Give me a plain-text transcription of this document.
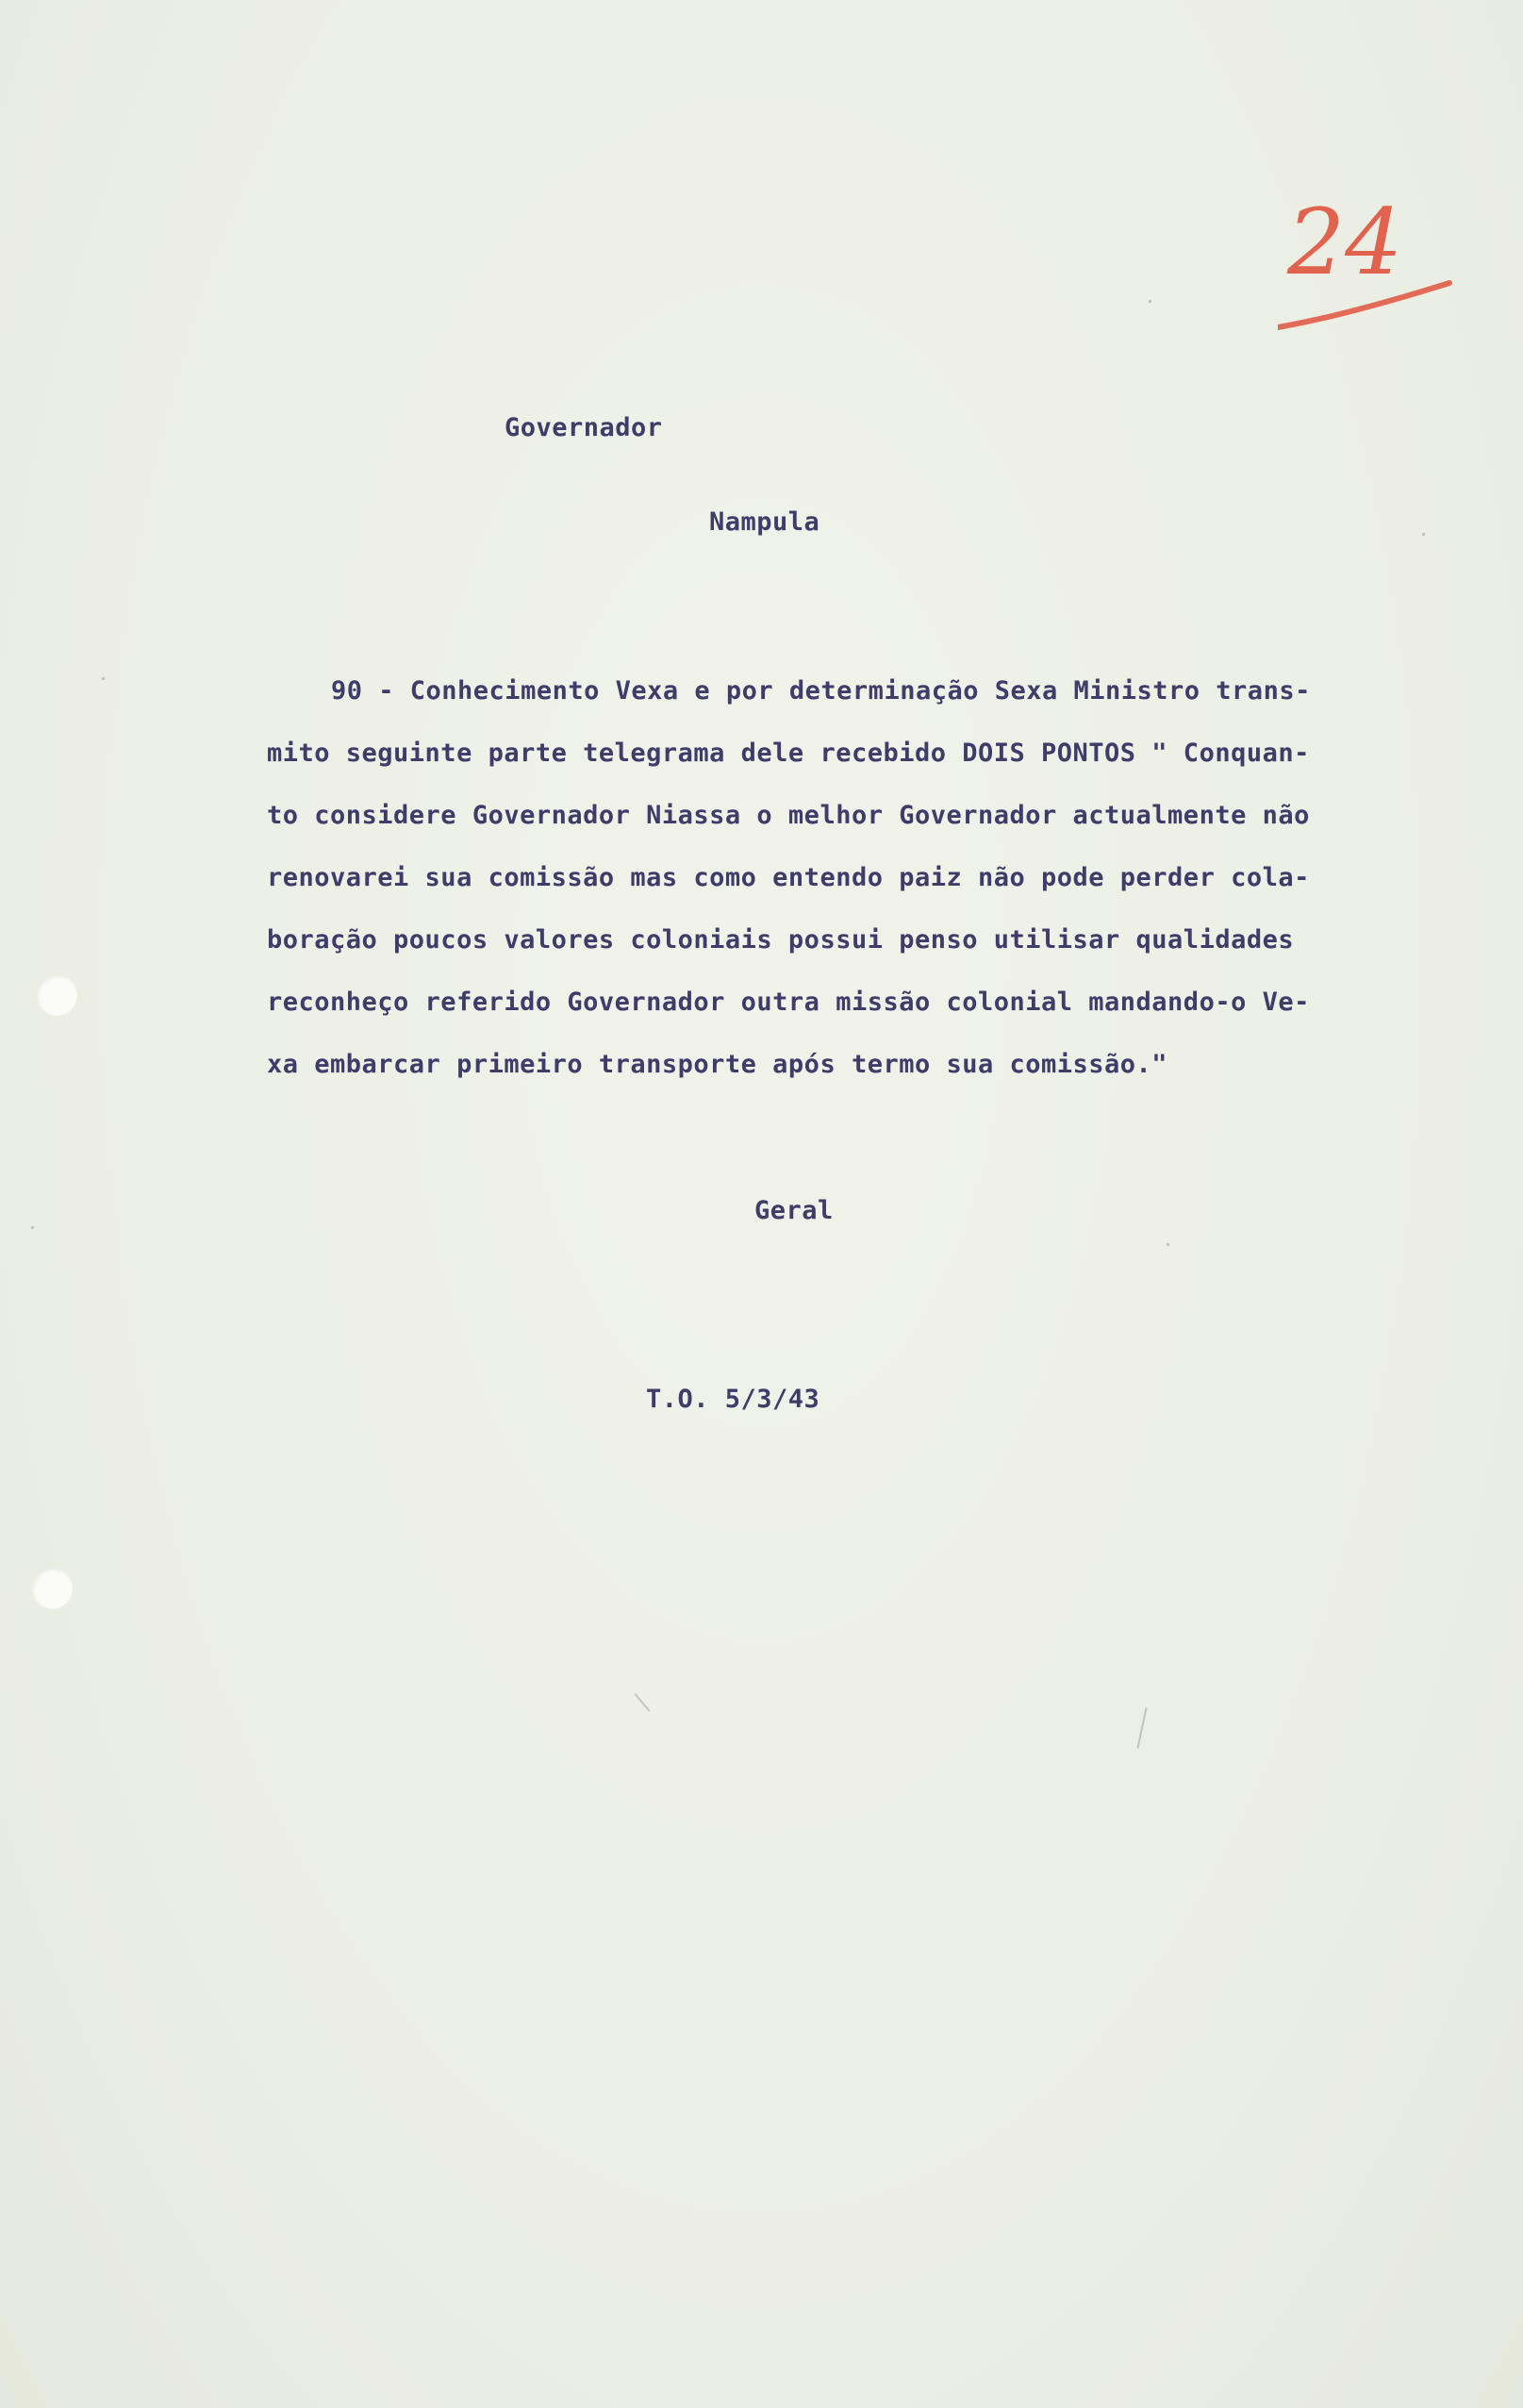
24
Governador
Nampula
90 - Conhecimento Vexa e por determinação Sexa Ministro trans-
mito seguinte parte telegrama dele recebido DOIS PONTOS " Conquan-
to considere Governador Niassa o melhor Governador actualmente não
renovarei sua comissão mas como entendo paiz não pode perder cola-
boração poucos valores coloniais possui penso utilisar qualidades
reconheço referido Governador outra missão colonial mandando-o Ve-
xa embarcar primeiro transporte após termo sua comissão."
Geral
T.O. 5/3/43
